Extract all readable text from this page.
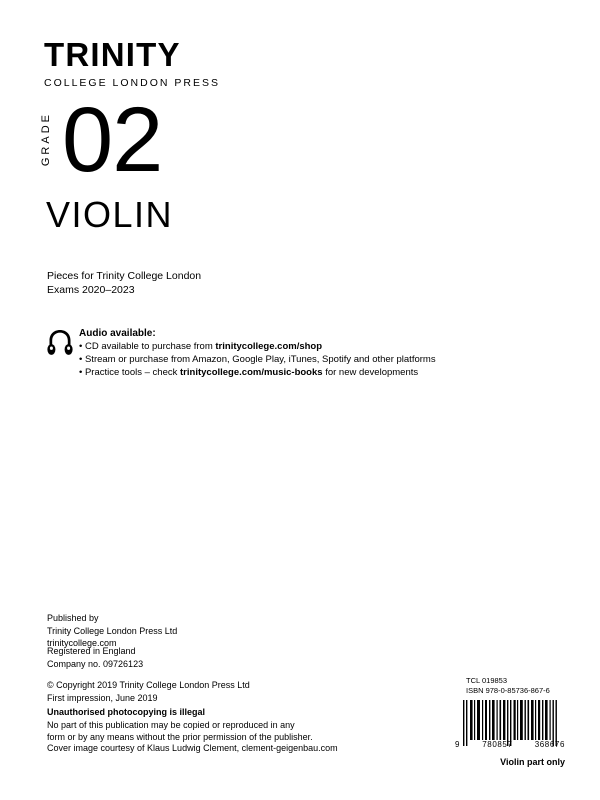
TRINITY
COLLEGE LONDON PRESS
GRADE 02
VIOLIN
Pieces for Trinity College London
Exams 2020–2023
Audio available:
• CD available to purchase from trinitycollege.com/shop
• Stream or purchase from Amazon, Google Play, iTunes, Spotify and other platforms
• Practice tools – check trinitycollege.com/music-books for new developments
Published by
Trinity College London Press Ltd
trinitycollege.com
Registered in England
Company no. 09726123
© Copyright 2019 Trinity College London Press Ltd
First impression, June 2019
Unauthorised photocopying is illegal
No part of this publication may be copied or reproduced in any
form or by any means without the prior permission of the publisher.
Cover image courtesy of Klaus Ludwig Clement, clement-geigenbau.com
TCL 019853
ISBN 978-0-85736-867-6
9	780857	368676
Violin part only
